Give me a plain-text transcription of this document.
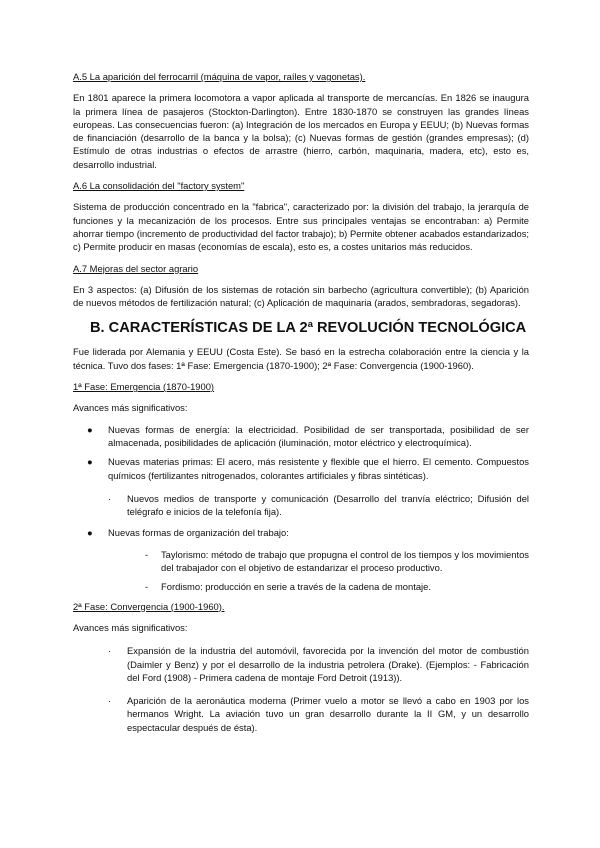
A.5 La aparición del ferrocarril (máquina de vapor, raíles y vagonetas).

En 1801 aparece la primera locomotora a vapor aplicada al transporte de mercancías. En 1826 se inaugura la primera línea de pasajeros (Stockton-Darlington). Entre 1830-1870 se construyen las grandes líneas europeas. Las consecuencias fueron: (a) Integración de los mercados en Europa y EEUU; (b) Nuevas formas de financiación (desarrollo de la banca y la bolsa); (c) Nuevas formas de gestión (grandes empresas); (d) Estímulo de otras industrias o efectos de arrastre (hierro, carbón, maquinaria, madera, etc), esto es, desarrollo industrial.

A.6 La consolidación del "factory system"

Sistema de producción concentrado en la "fabrica", caracterizado por: la división del trabajo, la jerarquía de funciones y la mecanización de los procesos. Entre sus principales ventajas se encontraban: a) Permite ahorrar tiempo (incremento de productividad del factor trabajo); b) Permite obtener acabados estandarizados; c) Permite producir en masas (economías de escala), esto es, a costes unitarios más reducidos.

A.7 Mejoras del sector agrario

En 3 aspectos: (a) Difusión de los sistemas de rotación sin barbecho (agricultura convertible); (b) Aparición de nuevos métodos de fertilización natural; (c) Aplicación de maquinaria (arados, sembradoras, segadoras).

B. CARACTERÍSTICAS DE LA 2ª REVOLUCIÓN TECNOLÓGICA

Fue liderada por Alemania y EEUU (Costa Este). Se basó en la estrecha colaboración entre la ciencia y la técnica. Tuvo dos fases: 1ª Fase: Emergencia (1870-1900); 2ª Fase: Convergencia (1900-1960).

1ª Fase: Emergencia (1870-1900)

Avances más significativos:

● Nuevas formas de energía: la electricidad. Posibilidad de ser transportada, posibilidad de ser almacenada, posibilidades de aplicación (iluminación, motor eléctrico y electroquímica).
● Nuevas materias primas: El acero, más resistente y flexible que el hierro. El cemento. Compuestos químicos (fertilizantes nitrogenados, colorantes artificiales y fibras sintéticas).
· Nuevos medios de transporte y comunicación (Desarrollo del tranvía eléctrico; Difusión del telégrafo e inicios de la telefonía fija).
● Nuevas formas de organización del trabajo:
- Taylorismo: método de trabajo que propugna el control de los tiempos y los movimientos del trabajador con el objetivo de estandarizar el proceso productivo.
- Fordismo: producción en serie a través de la cadena de montaje.

2ª Fase: Convergencia (1900-1960).

Avances más significativos:

· Expansión de la industria del automóvil, favorecida por la invención del motor de combustión (Daimler y Benz) y por el desarrollo de la industria petrolera (Drake). (Ejemplos: - Fabricación del Ford (1908) - Primera cadena de montaje Ford Detroit (1913)).
· Aparición de la aeronáutica moderna (Primer vuelo a motor se llevó a cabo en 1903 por los hermanos Wright. La aviación tuvo un gran desarrollo durante la II GM, y un desarrollo espectacular después de ésta).
